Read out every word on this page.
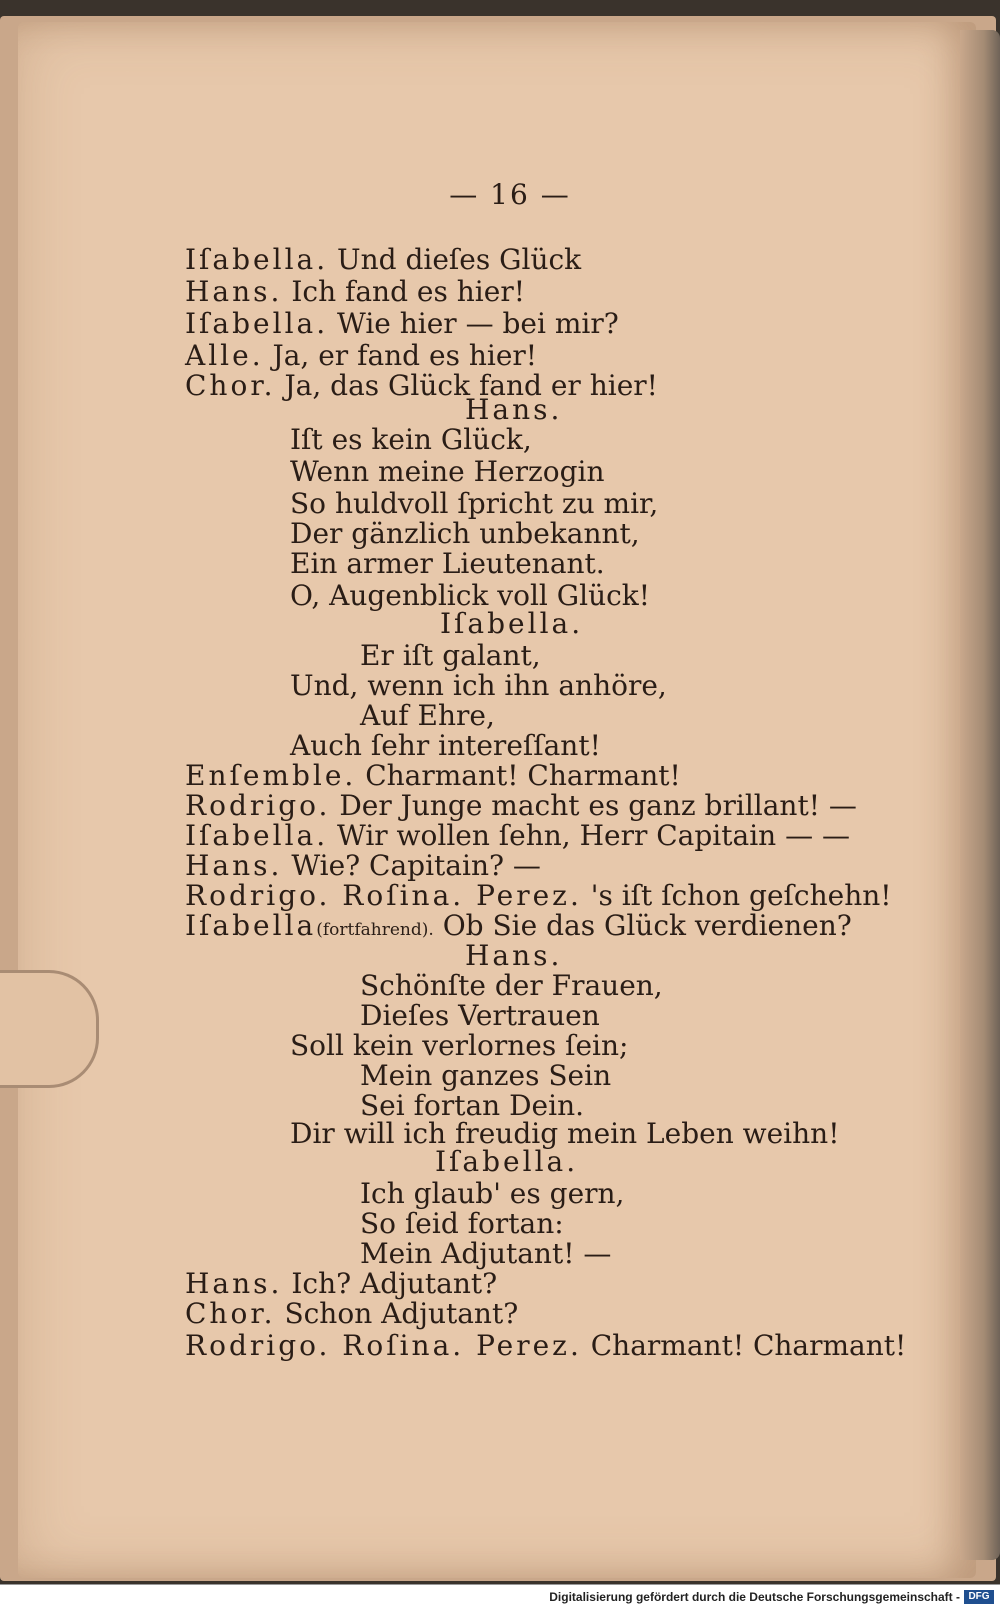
— 16 —
Iſabella. Und dieſes Glück
Hans. Ich fand es hier!
Iſabella. Wie hier — bei mir?
Alle. Ja, er fand es hier!
Chor. Ja, das Glück fand er hier!
Hans.
Iſt es kein Glück,
Wenn meine Herzogin
So huldvoll ſpricht zu mir,
Der gänzlich unbekannt,
Ein armer Lieutenant.
O, Augenblick voll Glück!
Iſabella.
Er iſt galant,
Und, wenn ich ihn anhöre,
Auf Ehre,
Auch ſehr intereſſant!
Enſemble. Charmant! Charmant!
Rodrigo. Der Junge macht es ganz brillant! —
Iſabella. Wir wollen ſehn, Herr Capitain — —
Hans. Wie? Capitain? —
Rodrigo. Roſina. Perez. 's iſt ſchon geſchehn!
Iſabella(fortfahrend). Ob Sie das Glück verdienen?
Hans.
Schönſte der Frauen,
Dieſes Vertrauen
Soll kein verlornes ſein;
Mein ganzes Sein
Sei fortan Dein.
Dir will ich freudig mein Leben weihn!
Iſabella.
Ich glaub' es gern,
So ſeid fortan:
Mein Adjutant! —
Hans. Ich? Adjutant?
Chor. Schon Adjutant?
Rodrigo. Roſina. Perez. Charmant! Charmant!
Digitalisierung gefördert durch die Deutsche Forschungsgemeinschaft - DFG
